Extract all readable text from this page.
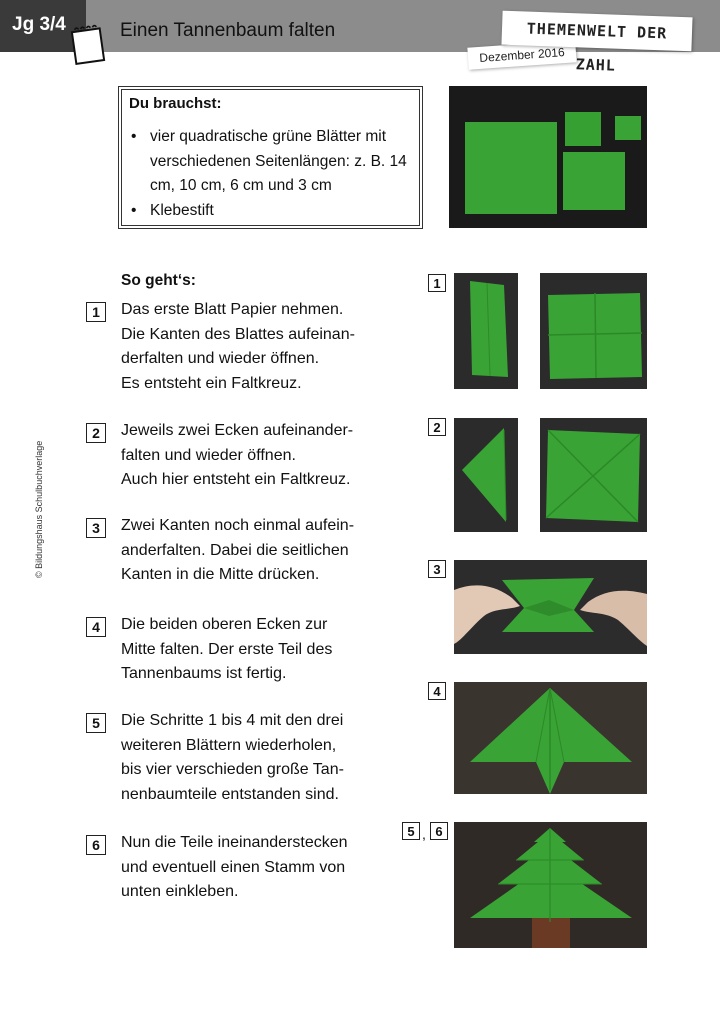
Jg 3/4	Einen Tannenbaum falten
Dezember 2016
THEMENWELT DER ZAHL
© Bildungshaus Schulbuchverlage
Du brauchst:
• vier quadratische grüne Blätter mit verschiedenen Seitenlängen: z. B. 14 cm, 10 cm, 6 cm und 3 cm
• Klebestift
So geht‘s:
1	Das erste Blatt Papier nehmen.
Die Kanten des Blattes aufeinan-
derfalten und wieder öffnen.
Es entsteht ein Faltkreuz.
2	Jeweils zwei Ecken aufeinander-
falten und wieder öffnen.
Auch hier entsteht ein Faltkreuz.
3	Zwei Kanten noch einmal aufein-
anderfalten. Dabei die seitlichen
Kanten in die Mitte drücken.
4	Die beiden oberen Ecken zur
Mitte falten. Der erste Teil des
Tannenbaums ist fertig.
5	Die Schritte 1 bis 4 mit den drei
weiteren Blättern wiederholen,
bis vier verschieden große Tan-
nenbaumteile entstanden sind.
6	Nun die Teile ineinanderstecken
und eventuell einen Stamm von
unten einkleben.
1
2
3
4
5 , 6
